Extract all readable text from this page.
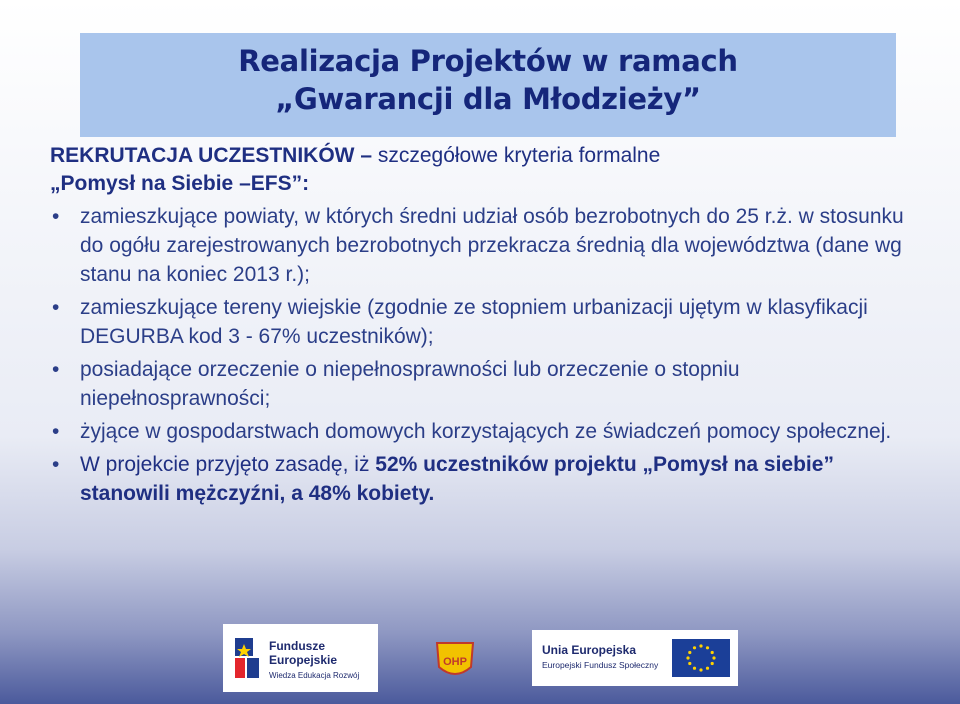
Realizacja Projektów w ramach
„Gwarancji dla Młodzieży”
REKRUTACJA UCZESTNIKÓW – szczegółowe kryteria formalne
„Pomysł na Siebie –EFS”:
• zamieszkujące powiaty, w których średni udział osób bezrobotnych do 25 r.ż. w stosunku do ogółu zarejestrowanych bezrobotnych przekracza średnią dla województwa (dane wg stanu na koniec 2013 r.);
• zamieszkujące tereny wiejskie (zgodnie ze stopniem urbanizacji ujętym w klasyfikacji DEGURBA kod 3 - 67% uczestników);
• posiadające orzeczenie o niepełnosprawności lub orzeczenie o stopniu niepełnosprawności;
• żyjące w gospodarstwach domowych korzystających ze świadczeń pomocy społecznej.
• W projekcie przyjęto zasadę, iż 52% uczestników projektu „Pomysł na siebie” stanowili mężczyźni, a 48% kobiety.
Fundusze Europejskie
Wiedza Edukacja Rozwój
OHP
Unia Europejska
Europejski Fundusz Społeczny
